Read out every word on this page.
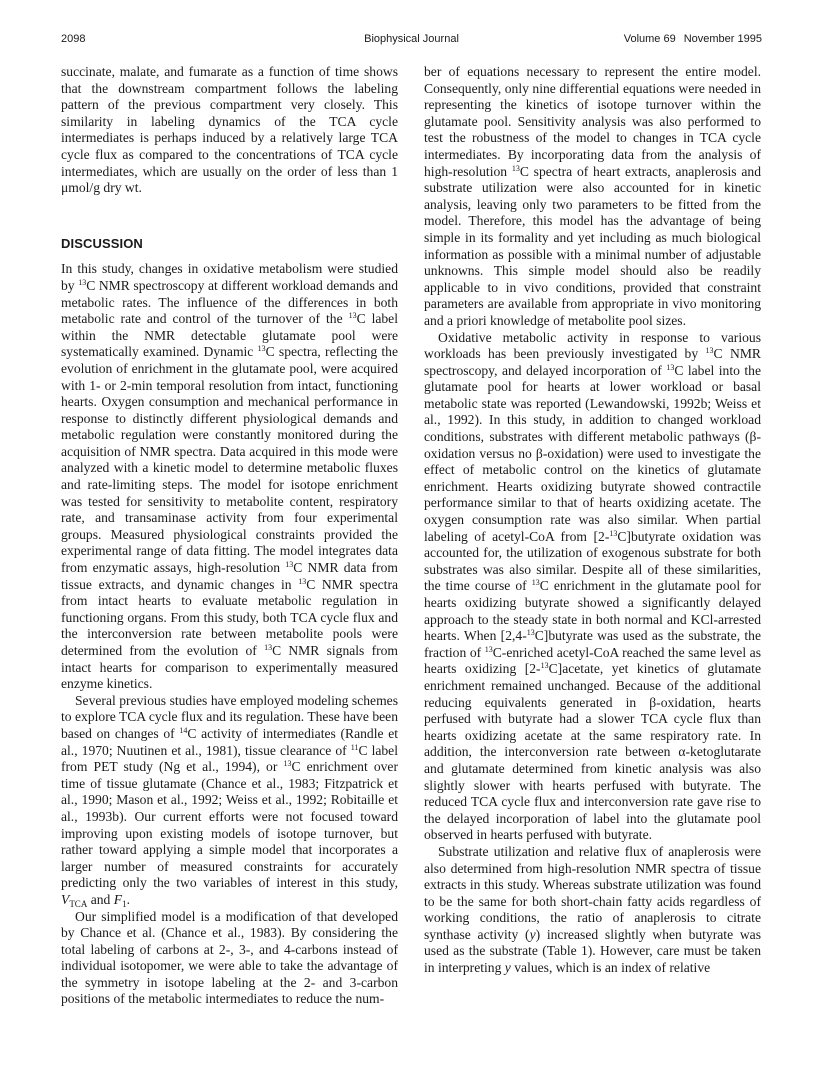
2098	Biophysical Journal	Volume 69 November 1995

succinate, malate, and fumarate as a function of time shows that the downstream compartment follows the labeling pattern of the previous compartment very closely. This similarity in labeling dynamics of the TCA cycle intermediates is perhaps induced by a relatively large TCA cycle flux as compared to the concentrations of TCA cycle intermediates, which are usually on the order of less than 1 μmol/g dry wt.

DISCUSSION

In this study, changes in oxidative metabolism were studied by $^{13}$C NMR spectroscopy at different workload demands and metabolic rates. The influence of the differences in both metabolic rate and control of the turnover of the $^{13}$C label within the NMR detectable glutamate pool were systematically examined. Dynamic $^{13}$C spectra, reflecting the evolution of enrichment in the glutamate pool, were acquired with 1- or 2-min temporal resolution from intact, functioning hearts. Oxygen consumption and mechanical performance in response to distinctly different physiological demands and metabolic regulation were constantly monitored during the acquisition of NMR spectra. Data acquired in this mode were analyzed with a kinetic model to determine metabolic fluxes and rate-limiting steps. The model for isotope enrichment was tested for sensitivity to metabolite content, respiratory rate, and transaminase activity from four experimental groups. Measured physiological constraints provided the experimental range of data fitting. The model integrates data from enzymatic assays, high-resolution $^{13}$C NMR data from tissue extracts, and dynamic changes in $^{13}$C NMR spectra from intact hearts to evaluate metabolic regulation in functioning organs. From this study, both TCA cycle flux and the interconversion rate between metabolite pools were determined from the evolution of $^{13}$C NMR signals from intact hearts for comparison to experimentally measured enzyme kinetics.

Several previous studies have employed modeling schemes to explore TCA cycle flux and its regulation. These have been based on changes of $^{14}$C activity of intermediates (Randle et al., 1970; Nuutinen et al., 1981), tissue clearance of $^{11}$C label from PET study (Ng et al., 1994), or $^{13}$C enrichment over time of tissue glutamate (Chance et al., 1983; Fitzpatrick et al., 1990; Mason et al., 1992; Weiss et al., 1992; Robitaille et al., 1993b). Our current efforts were not focused toward improving upon existing models of isotope turnover, but rather toward applying a simple model that incorporates a larger number of measured constraints for accurately predicting only the two variables of interest in this study, $V_{TCA}$ and $F_1$.

Our simplified model is a modification of that developed by Chance et al. (Chance et al., 1983). By considering the total labeling of carbons at 2-, 3-, and 4-carbons instead of individual isotopomer, we were able to take the advantage of the symmetry in isotope labeling at the 2- and 3-carbon positions of the metabolic intermediates to reduce the num-

ber of equations necessary to represent the entire model. Consequently, only nine differential equations were needed in representing the kinetics of isotope turnover within the glutamate pool. Sensitivity analysis was also performed to test the robustness of the model to changes in TCA cycle intermediates. By incorporating data from the analysis of high-resolution $^{13}$C spectra of heart extracts, anaplerosis and substrate utilization were also accounted for in kinetic analysis, leaving only two parameters to be fitted from the model. Therefore, this model has the advantage of being simple in its formality and yet including as much biological information as possible with a minimal number of adjustable unknowns. This simple model should also be readily applicable to in vivo conditions, provided that constraint parameters are available from appropriate in vivo monitoring and a priori knowledge of metabolite pool sizes.

Oxidative metabolic activity in response to various workloads has been previously investigated by $^{13}$C NMR spectroscopy, and delayed incorporation of $^{13}$C label into the glutamate pool for hearts at lower workload or basal metabolic state was reported (Lewandowski, 1992b; Weiss et al., 1992). In this study, in addition to changed workload conditions, substrates with different metabolic pathways (β-oxidation versus no β-oxidation) were used to investigate the effect of metabolic control on the kinetics of glutamate enrichment. Hearts oxidizing butyrate showed contractile performance similar to that of hearts oxidizing acetate. The oxygen consumption rate was also similar. When partial labeling of acetyl-CoA from [2-$^{13}$C]butyrate oxidation was accounted for, the utilization of exogenous substrate for both substrates was also similar. Despite all of these similarities, the time course of $^{13}$C enrichment in the glutamate pool for hearts oxidizing butyrate showed a significantly delayed approach to the steady state in both normal and KCl-arrested hearts. When [2,4-$^{13}$C]butyrate was used as the substrate, the fraction of $^{13}$C-enriched acetyl-CoA reached the same level as hearts oxidizing [2-$^{13}$C]acetate, yet kinetics of glutamate enrichment remained unchanged. Because of the additional reducing equivalents generated in β-oxidation, hearts perfused with butyrate had a slower TCA cycle flux than hearts oxidizing acetate at the same respiratory rate. In addition, the interconversion rate between α-ketoglutarate and glutamate determined from kinetic analysis was also slightly slower with hearts perfused with butyrate. The reduced TCA cycle flux and interconversion rate gave rise to the delayed incorporation of label into the glutamate pool observed in hearts perfused with butyrate.

Substrate utilization and relative flux of anaplerosis were also determined from high-resolution NMR spectra of tissue extracts in this study. Whereas substrate utilization was found to be the same for both short-chain fatty acids regardless of working conditions, the ratio of anaplerosis to citrate synthase activity (y) increased slightly when butyrate was used as the substrate (Table 1). However, care must be taken in interpreting y values, which is an index of relative
